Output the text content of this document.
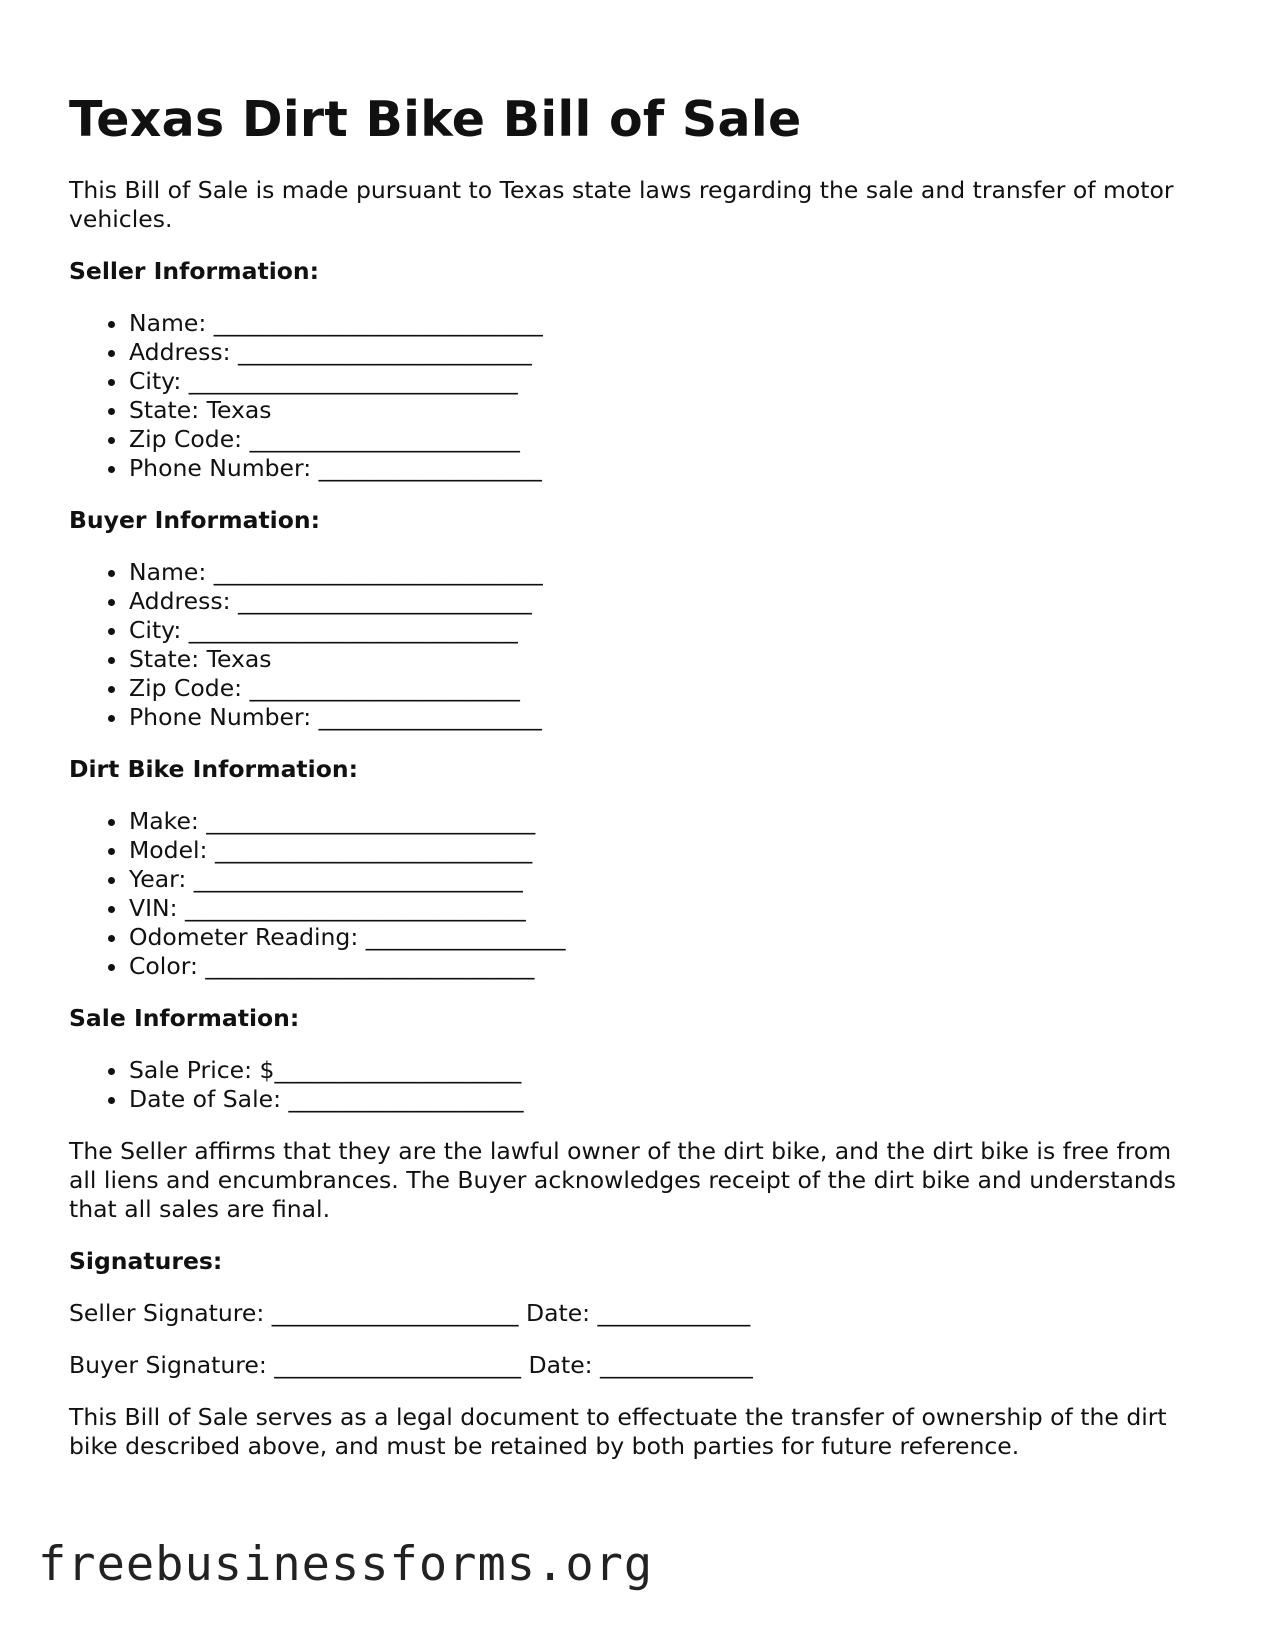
Texas Dirt Bike Bill of Sale

This Bill of Sale is made pursuant to Texas state laws regarding the sale and transfer of motor vehicles.

Seller Information:
• Name: ____________________________
• Address: _________________________
• City: ____________________________
• State: Texas
• Zip Code: _______________________
• Phone Number: ___________________
Buyer Information:
• Name: ____________________________
• Address: _________________________
• City: ____________________________
• State: Texas
• Zip Code: _______________________
• Phone Number: ___________________
Dirt Bike Information:
• Make: ____________________________
• Model: ___________________________
• Year: ____________________________
• VIN: _____________________________
• Odometer Reading: _________________
• Color: ____________________________
Sale Information:
• Sale Price: $_____________________
• Date of Sale: ____________________

The Seller affirms that they are the lawful owner of the dirt bike, and the dirt bike is free from all liens and encumbrances. The Buyer acknowledges receipt of the dirt bike and understands that all sales are final.

Signatures:

Seller Signature: _____________________ Date: _____________

Buyer Signature: _____________________ Date: _____________

This Bill of Sale serves as a legal document to effectuate the transfer of ownership of the dirt bike described above, and must be retained by both parties for future reference.

freebusinessforms.org
